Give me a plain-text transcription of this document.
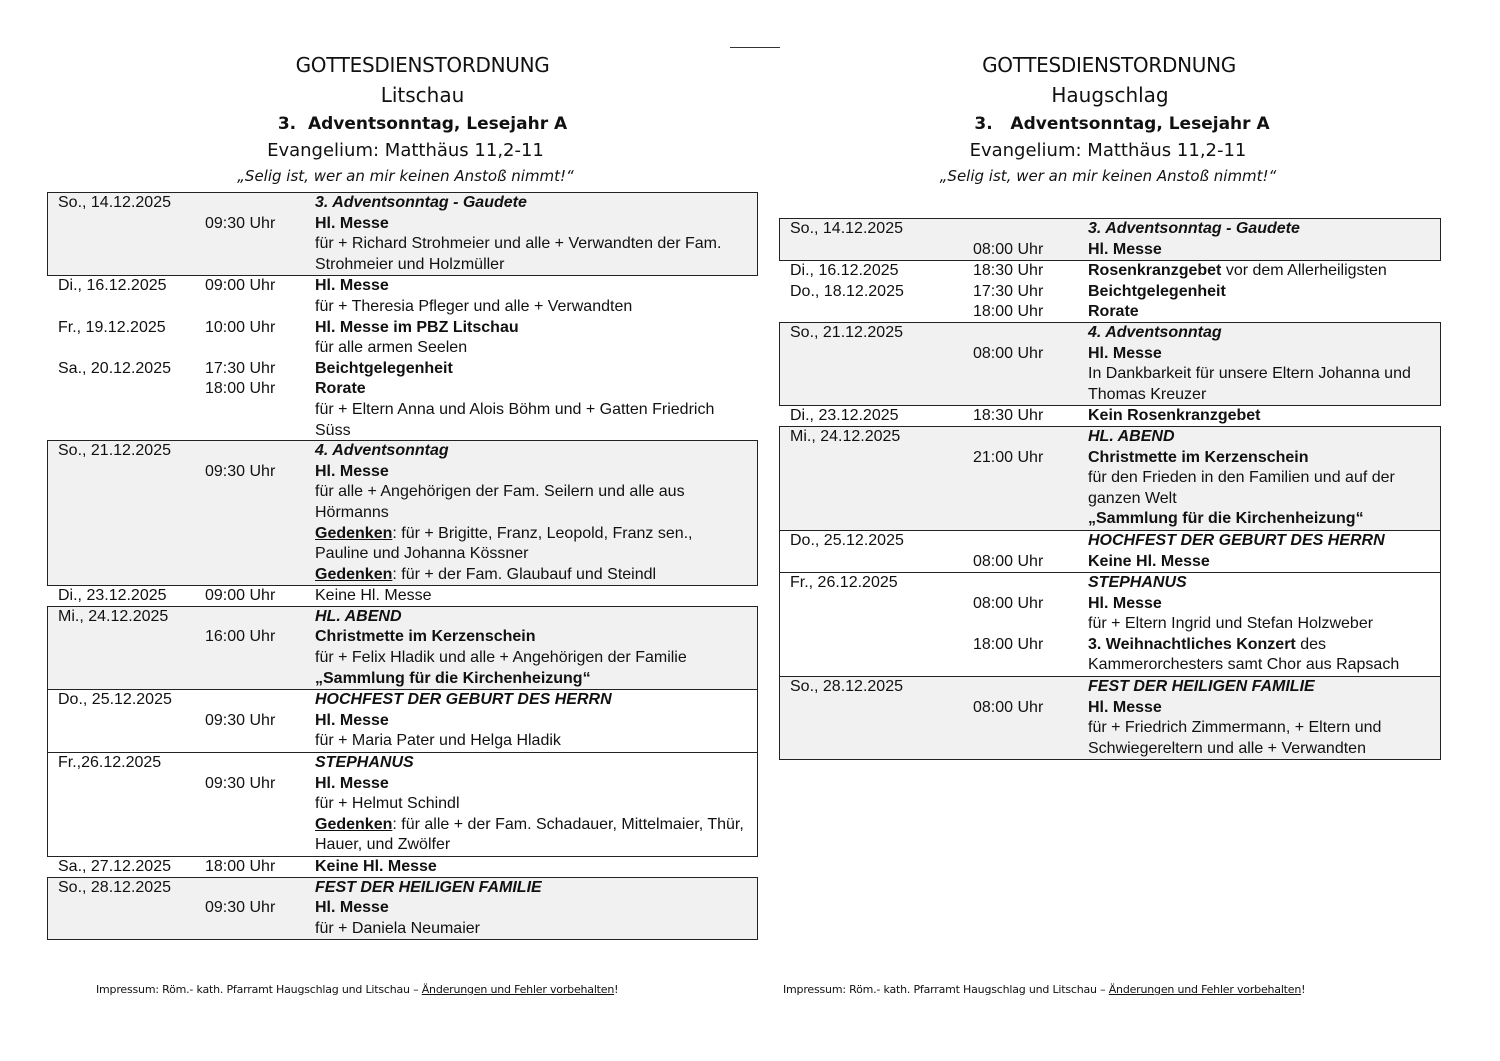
GOTTESDIENSTORDNUNG
Litschau
3.  Adventsonntag, Lesejahr A
Evangelium: Matthäus 11,2-11
„Selig ist, wer an mir keinen Anstoß nimmt!“
So., 14.12.2025	3. Adventsonntag - Gaudete
09:30 Uhr	Hl. Messe
für + Richard Strohmeier und alle + Verwandten der Fam. Strohmeier und Holzmüller
Di., 16.12.2025	09:00 Uhr	Hl. Messe
für + Theresia Pfleger und alle + Verwandten
Fr., 19.12.2025	10:00 Uhr	Hl. Messe im PBZ Litschau
für alle armen Seelen
Sa., 20.12.2025	17:30 Uhr	Beichtgelegenheit
18:00 Uhr	Rorate
für + Eltern Anna und Alois Böhm und + Gatten Friedrich Süss
So., 21.12.2025	4. Adventsonntag
09:30 Uhr	Hl. Messe
für alle + Angehörigen der Fam. Seilern und alle aus Hörmanns
Gedenken: für + Brigitte, Franz, Leopold, Franz sen., Pauline und Johanna Kössner
Gedenken: für + der Fam. Glaubauf und Steindl
Di., 23.12.2025	09:00 Uhr	Keine Hl. Messe
Mi., 24.12.2025	HL. ABEND
16:00 Uhr	Christmette im Kerzenschein
für + Felix Hladik und alle + Angehörigen der Familie
„Sammlung für die Kirchenheizung“
Do., 25.12.2025	HOCHFEST DER GEBURT DES HERRN
09:30 Uhr	Hl. Messe
für + Maria Pater und Helga Hladik
Fr.,26.12.2025	STEPHANUS
09:30 Uhr	Hl. Messe
für + Helmut Schindl
Gedenken: für alle + der Fam. Schadauer, Mittelmaier, Thür, Hauer, und Zwölfer
Sa., 27.12.2025	18:00 Uhr	Keine Hl. Messe
So., 28.12.2025	FEST DER HEILIGEN FAMILIE
09:30 Uhr	Hl. Messe
für + Daniela Neumaier
GOTTESDIENSTORDNUNG
Haugschlag
3.   Adventsonntag, Lesejahr A
Evangelium: Matthäus 11,2-11
„Selig ist, wer an mir keinen Anstoß nimmt!“
So., 14.12.2025	3. Adventsonntag - Gaudete
08:00 Uhr	Hl. Messe
Di., 16.12.2025	18:30 Uhr	Rosenkranzgebet vor dem Allerheiligsten
Do., 18.12.2025	17:30 Uhr	Beichtgelegenheit
18:00 Uhr	Rorate
So., 21.12.2025	4. Adventsonntag
08:00 Uhr	Hl. Messe
In Dankbarkeit für unsere Eltern Johanna und Thomas Kreuzer
Di., 23.12.2025	18:30 Uhr	Kein Rosenkranzgebet
Mi., 24.12.2025	HL. ABEND
21:00 Uhr	Christmette im Kerzenschein
für den Frieden in den Familien und auf der ganzen Welt
„Sammlung für die Kirchenheizung“
Do., 25.12.2025	HOCHFEST DER GEBURT DES HERRN
08:00 Uhr	Keine Hl. Messe
Fr., 26.12.2025	STEPHANUS
08:00 Uhr	Hl. Messe
für + Eltern Ingrid und Stefan Holzweber
18:00 Uhr	3. Weihnachtliches Konzert des Kammerorchesters samt Chor aus Rapsach
So., 28.12.2025	FEST DER HEILIGEN FAMILIE
08:00 Uhr	Hl. Messe
für + Friedrich Zimmermann, + Eltern und Schwiegereltern und alle + Verwandten
Impressum: Röm.- kath. Pfarramt Haugschlag und Litschau – Änderungen und Fehler vorbehalten!	Impressum: Röm.- kath. Pfarramt Haugschlag und Litschau – Änderungen und Fehler vorbehalten!
